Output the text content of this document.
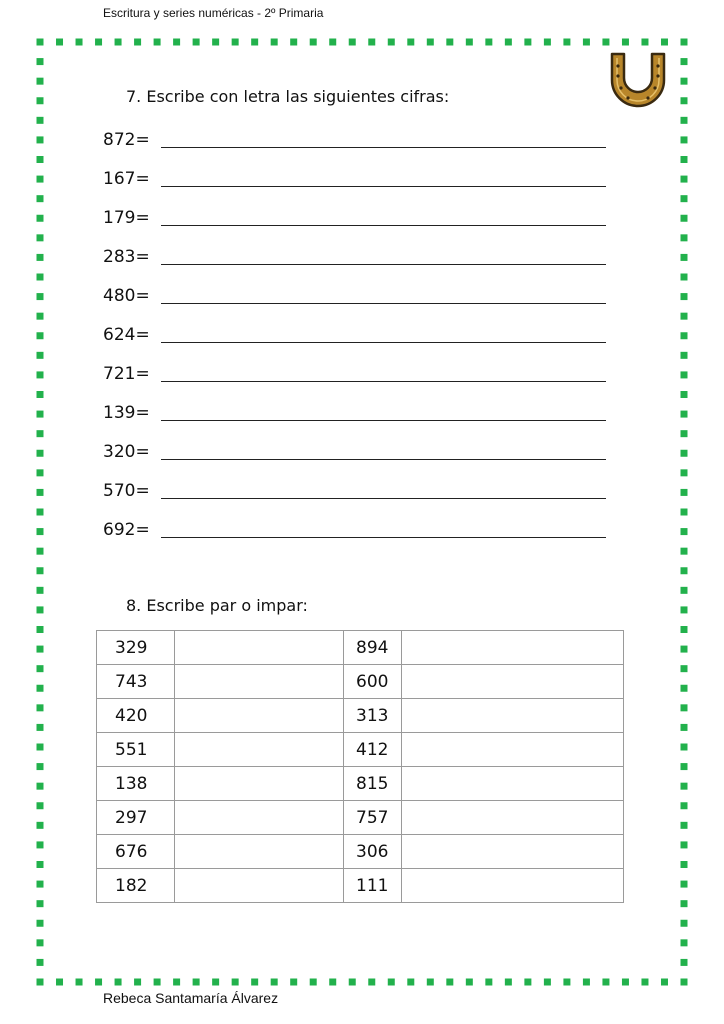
Escritura y series numéricas - 2º Primaria
7. Escribe con letra las siguientes cifras:
872=
167=
179=
283=
480=
624=
721=
139=
320=
570=
692=
8. Escribe par o impar:
329		894	
743		600	
420		313	
551		412	
138		815	
297		757	
676		306	
182		111	
Rebeca Santamaría Álvarez
